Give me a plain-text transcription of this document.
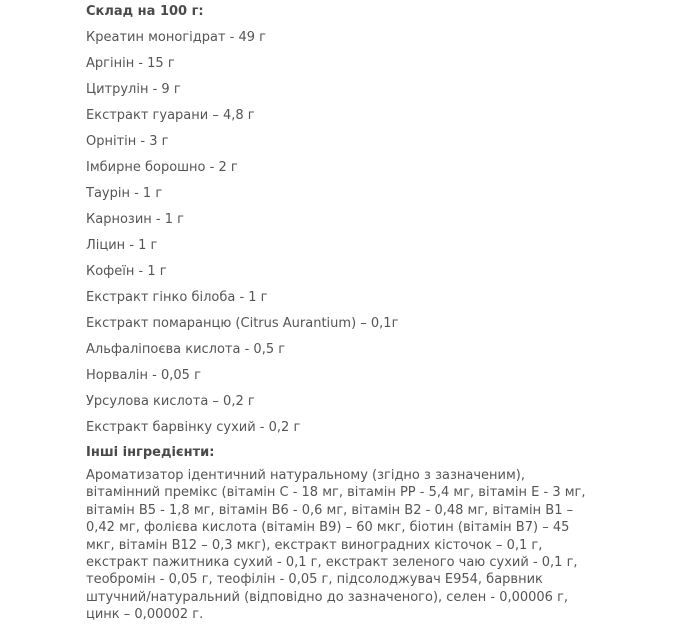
Склад на 100 г:
Креатин моногідрат - 49 г
Аргінін - 15 г
Цитрулін - 9 г
Екстракт гуарани – 4,8 г
Орнітін - 3 г
Імбирне борошно - 2 г
Таурін - 1 г
Карнозин - 1 г
Ліцин - 1 г
Кофеїн - 1 г
Екстракт гінко білоба - 1 г
Екстракт помаранцю (Citrus Aurantium) – 0,1г
Альфаліпоєва кислота - 0,5 г
Норвалін - 0,05 г
Урсулова кислота – 0,2 г
Екстракт барвінку сухий - 0,2 г
Інші інгредієнти:

Ароматизатор ідентичний натуральному (згідно з зазначеним), вітамінний премікс (вітамін С - 18 мг, вітамін РР - 5,4 мг, вітамін Е - 3 мг, вітамін В5 - 1,8 мг, вітамін В6 - 0,6 мг, вітамін В2 - 0,48 мг, вітамін В1 – 0,42 мг, фолієва кислота (вітамін В9) – 60 мкг, біотин (вітамін В7) – 45 мкг, вітамін В12 – 0,3 мкг), екстракт виноградних кісточок – 0,1 г, екстракт пажитника сухий - 0,1 г, екстракт зеленого чаю сухий - 0,1 г, теобромін - 0,05 г, теофілін - 0,05 г, підсолоджувач Е954, барвник штучний/натуральний (відповідно до зазначеного), селен - 0,00006 г, цинк – 0,00002 г.
